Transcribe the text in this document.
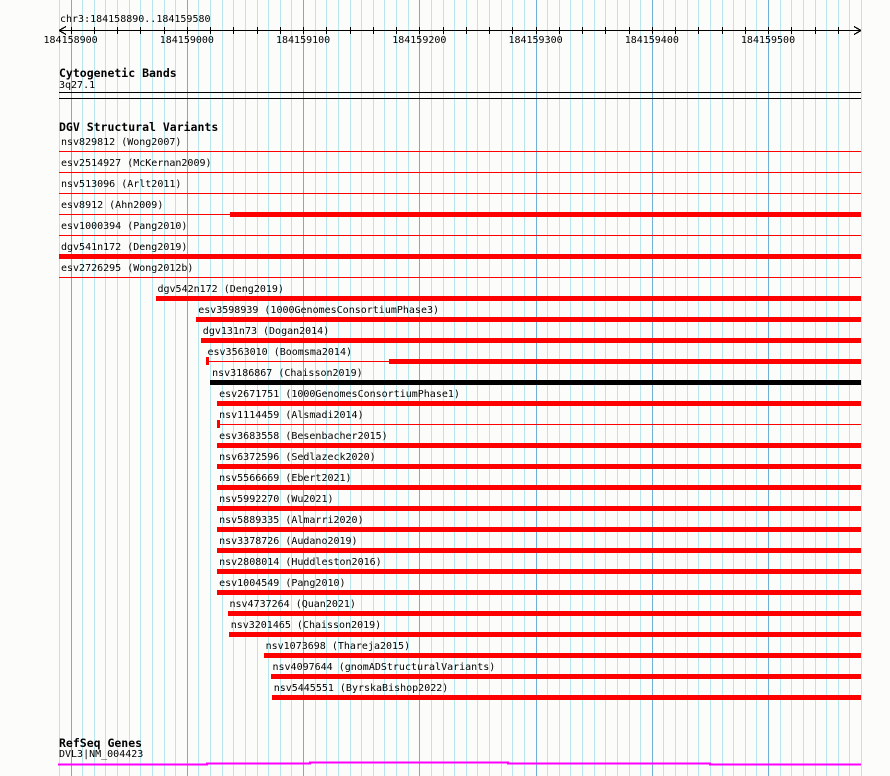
chr3:184158890..184159580
184158900	184159000	184159100	184159200	184159300	184159400	184159500
Cytogenetic Bands
3q27.1
DGV Structural Variants
nsv829812 (Wong2007)
esv2514927 (McKernan2009)
nsv513096 (Arlt2011)
esv8912 (Ahn2009)
esv1000394 (Pang2010)
dgv541n172 (Deng2019)
esv2726295 (Wong2012b)
dgv542n172 (Deng2019)
esv3598939 (1000GenomesConsortiumPhase3)
dgv131n73 (Dogan2014)
esv3563010 (Boomsma2014)
nsv3186867 (Chaisson2019)
esv2671751 (1000GenomesConsortiumPhase1)
nsv1114459 (Alsmadi2014)
esv3683558 (Besenbacher2015)
nsv6372596 (Sedlazeck2020)
nsv5566669 (Ebert2021)
nsv5992270 (Wu2021)
nsv5889335 (Almarri2020)
nsv3378726 (Audano2019)
nsv2808014 (Huddleston2016)
esv1004549 (Pang2010)
nsv4737264 (Quan2021)
nsv3201465 (Chaisson2019)
nsv1073698 (Thareja2015)
nsv4097644 (gnomADStructuralVariants)
nsv5445551 (ByrskaBishop2022)
RefSeq Genes
DVL3|NM_004423
